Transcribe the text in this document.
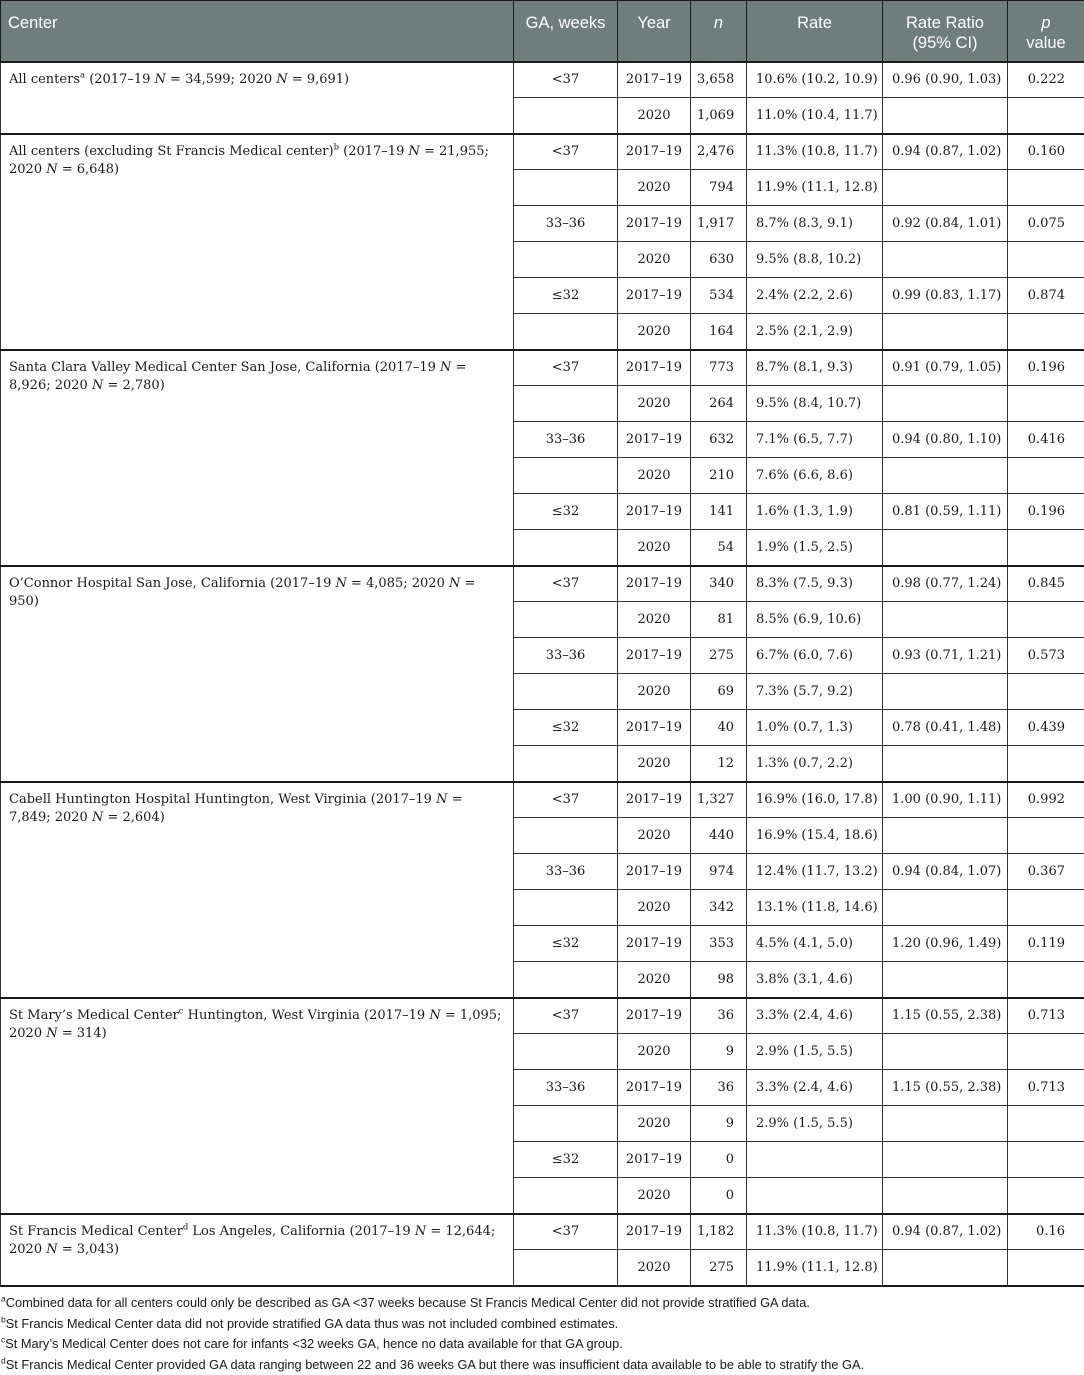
Center	GA, weeks	Year	n	Rate	Rate Ratio (95% CI)	p
value
All centers$^a$ (2017–19 N = 34,599; 2020 N = 9,691)	<37	2017–19	3,658	10.6% (10.2, 10.9)	0.96 (0.90, 1.03)	0.222
		2020	1,069	11.0% (10.4, 11.7)		
All centers (excluding St Francis Medical center)$^b$ (2017–19 N = 21,955; 2020 N = 6,648)	<37	2017–19	2,476	11.3% (10.8, 11.7)	0.94 (0.87, 1.02)	0.160
		2020	794	11.9% (11.1, 12.8)		
	33–36	2017–19	1,917	8.7% (8.3, 9.1)	0.92 (0.84, 1.01)	0.075
		2020	630	9.5% (8.8, 10.2)		
	≤32	2017–19	534	2.4% (2.2, 2.6)	0.99 (0.83, 1.17)	0.874
		2020	164	2.5% (2.1, 2.9)		
Santa Clara Valley Medical Center San Jose, California (2017–19 N = 8,926; 2020 N = 2,780)	<37	2017–19	773	8.7% (8.1, 9.3)	0.91 (0.79, 1.05)	0.196
		2020	264	9.5% (8.4, 10.7)		
	33–36	2017–19	632	7.1% (6.5, 7.7)	0.94 (0.80, 1.10)	0.416
		2020	210	7.6% (6.6, 8.6)		
	≤32	2017–19	141	1.6% (1.3, 1.9)	0.81 (0.59, 1.11)	0.196
		2020	54	1.9% (1.5, 2.5)		
O’Connor Hospital San Jose, California (2017–19 N = 4,085; 2020 N = 950)	<37	2017–19	340	8.3% (7.5, 9.3)	0.98 (0.77, 1.24)	0.845
		2020	81	8.5% (6.9, 10.6)		
	33–36	2017–19	275	6.7% (6.0, 7.6)	0.93 (0.71, 1.21)	0.573
		2020	69	7.3% (5.7, 9.2)		
	≤32	2017–19	40	1.0% (0.7, 1.3)	0.78 (0.41, 1.48)	0.439
		2020	12	1.3% (0.7, 2.2)		
Cabell Huntington Hospital Huntington, West Virginia (2017–19 N = 7,849; 2020 N = 2,604)	<37	2017–19	1,327	16.9% (16.0, 17.8)	1.00 (0.90, 1.11)	0.992
		2020	440	16.9% (15.4, 18.6)		
	33–36	2017–19	974	12.4% (11.7, 13.2)	0.94 (0.84, 1.07)	0.367
		2020	342	13.1% (11.8, 14.6)		
	≤32	2017–19	353	4.5% (4.1, 5.0)	1.20 (0.96, 1.49)	0.119
		2020	98	3.8% (3.1, 4.6)		
St Mary’s Medical Center$^c$ Huntington, West Virginia (2017–19 N = 1,095; 2020 N = 314)	<37	2017–19	36	3.3% (2.4, 4.6)	1.15 (0.55, 2.38)	0.713
		2020	9	2.9% (1.5, 5.5)		
	33–36	2017–19	36	3.3% (2.4, 4.6)	1.15 (0.55, 2.38)	0.713
		2020	9	2.9% (1.5, 5.5)		
	≤32	2017–19	0			
		2020	0			
St Francis Medical Center$^d$ Los Angeles, California (2017–19 N = 12,644; 2020 N = 3,043)	<37	2017–19	1,182	11.3% (10.8, 11.7)	0.94 (0.87, 1.02)	0.16
		2020	275	11.9% (11.1, 12.8)		

$^a$Combined data for all centers could only be described as GA <37 weeks because St Francis Medical Center did not provide stratified GA data.

$^b$St Francis Medical Center data did not provide stratified GA data thus was not included combined estimates.

$^c$St Mary’s Medical Center does not care for infants <32 weeks GA, hence no data available for that GA group.

$^d$St Francis Medical Center provided GA data ranging between 22 and 36 weeks GA but there was insufficient data available to be able to stratify the GA.
